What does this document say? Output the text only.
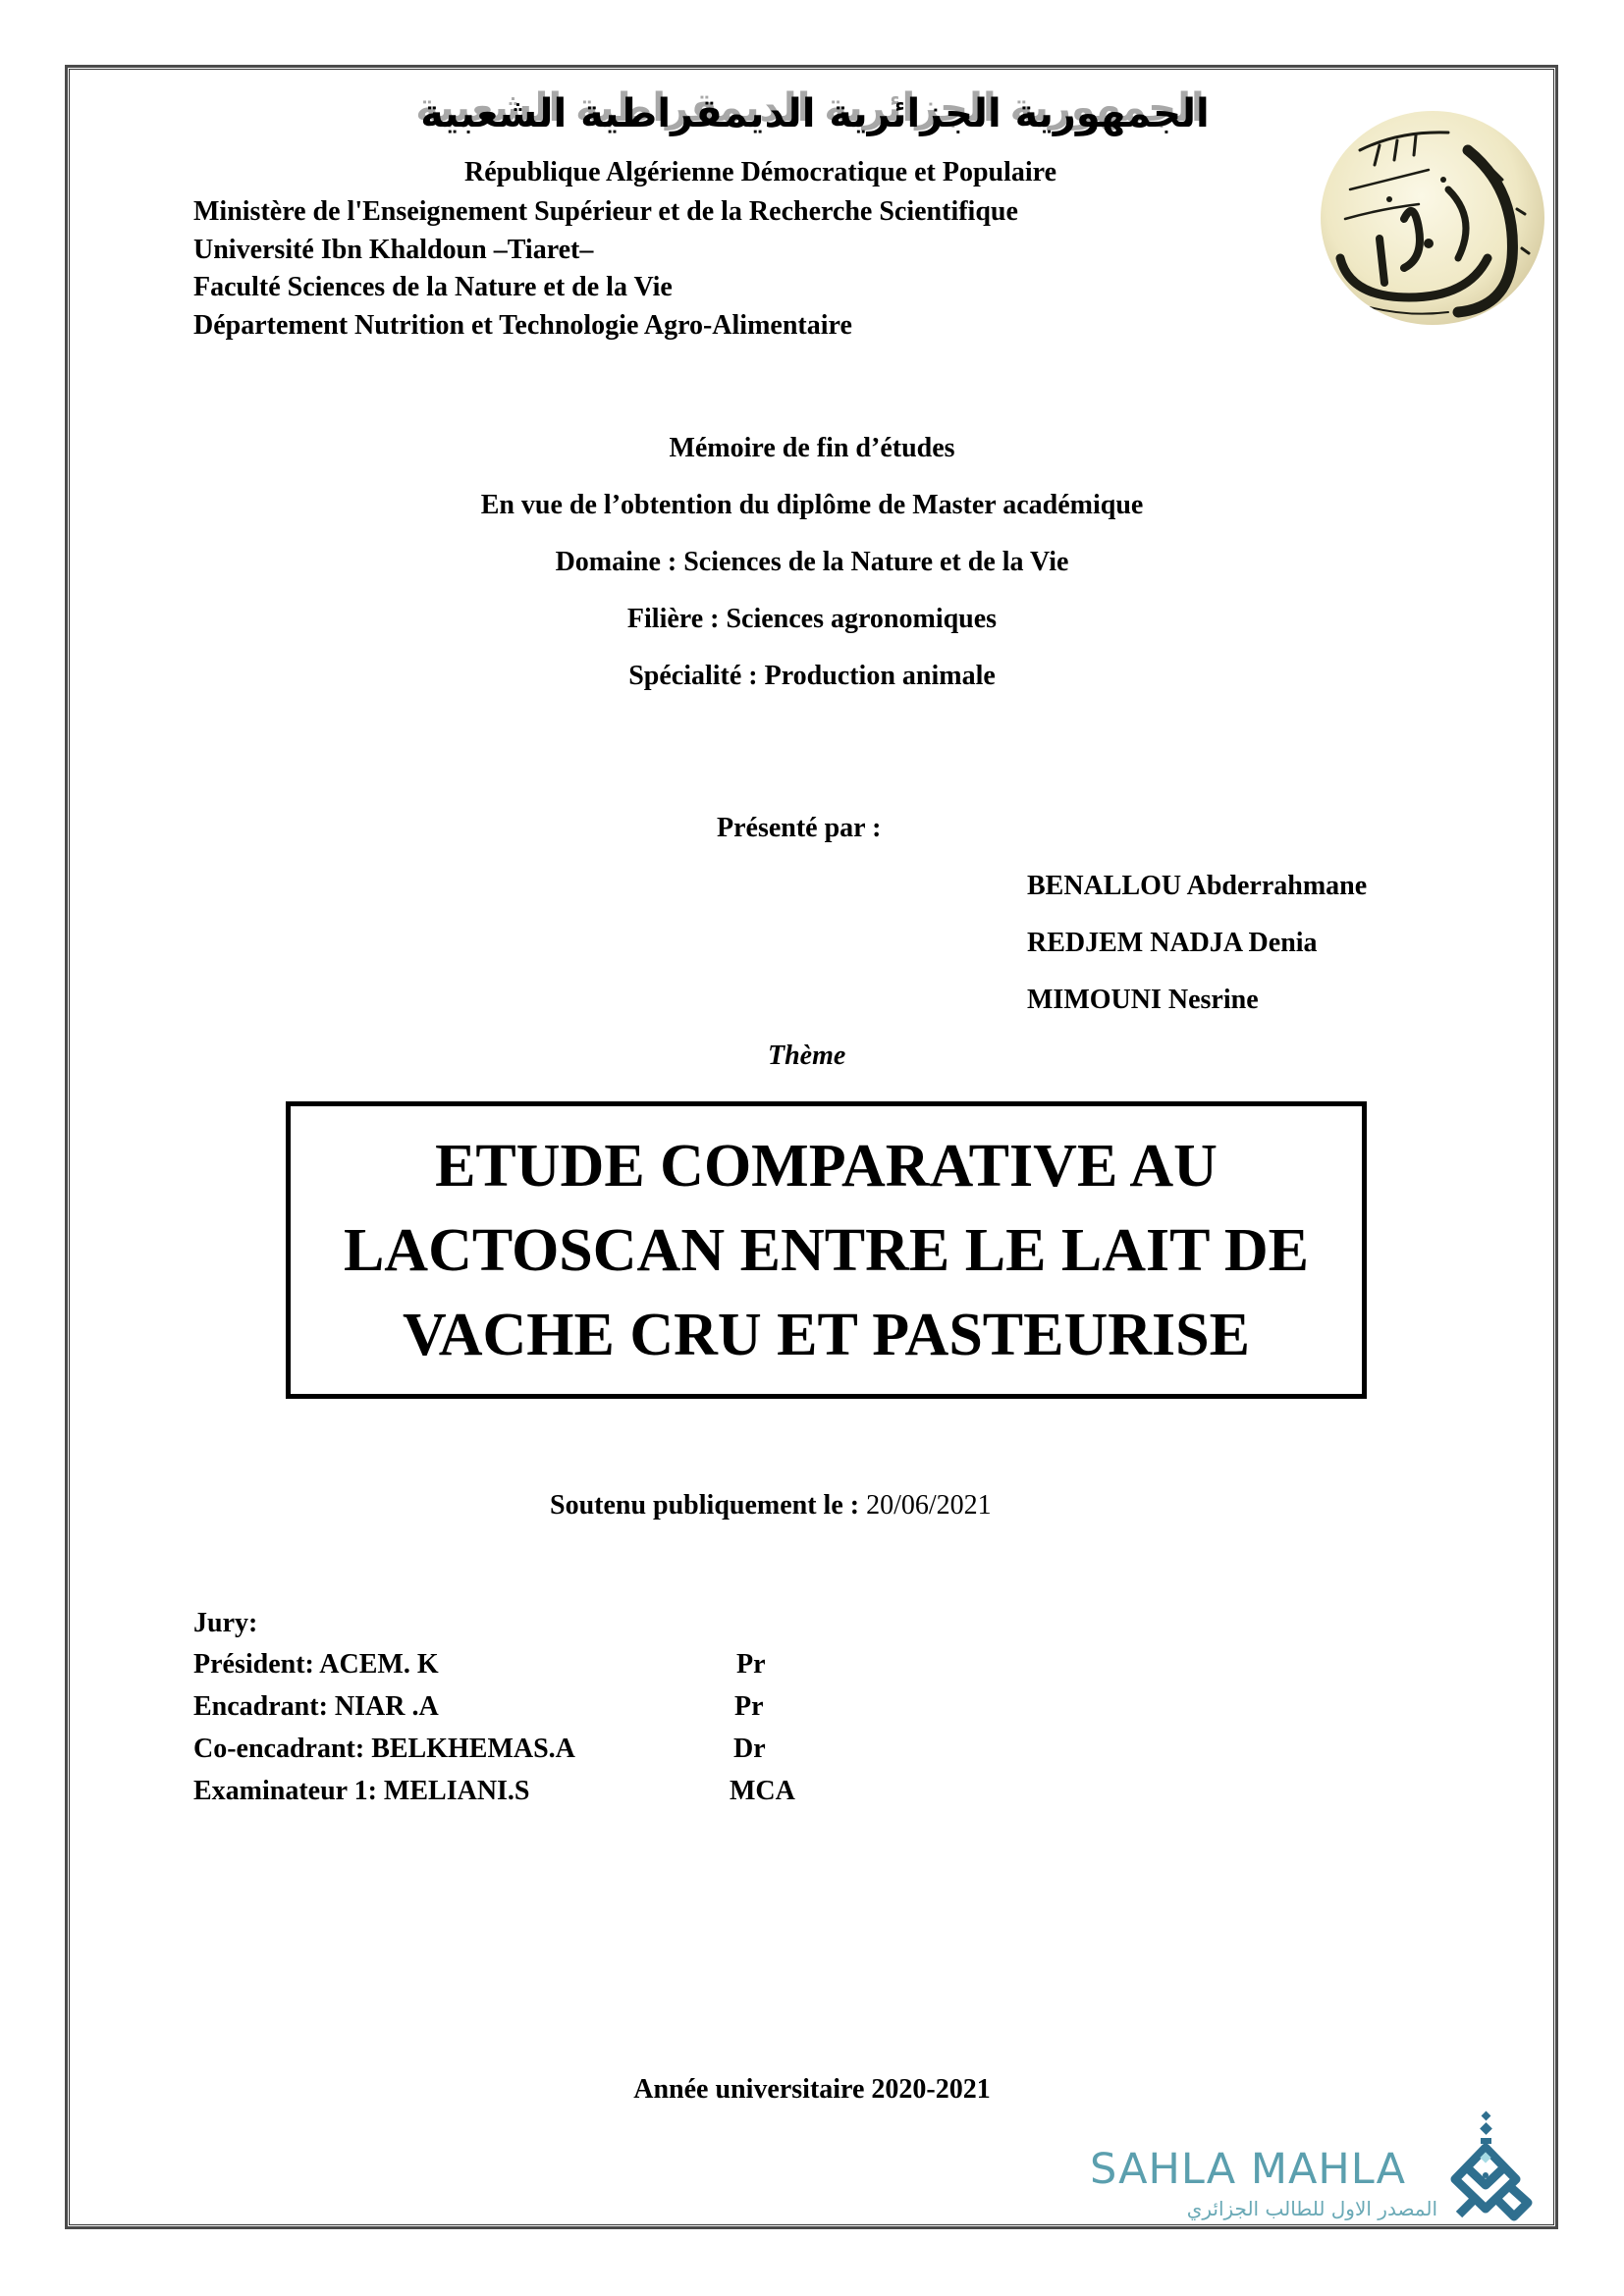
الجمهورية الجزائرية الديمقراطية الشعبية
République Algérienne Démocratique et Populaire
Ministère de l'Enseignement Supérieur et de la Recherche Scientifique
Université Ibn Khaldoun –Tiaret–
Faculté Sciences de la Nature et de la Vie
Département Nutrition et Technologie Agro-Alimentaire
Mémoire de fin d’études
En vue de l’obtention du diplôme de Master académique
Domaine : Sciences de la Nature et de la Vie
Filière : Sciences agronomiques
Spécialité : Production animale
Présenté par :
BENALLOU Abderrahmane
REDJEM NADJA Denia
MIMOUNI Nesrine
Thème
ETUDE COMPARATIVE AU
LACTOSCAN ENTRE LE LAIT DE
VACHE CRU ET PASTEURISE
Soutenu publiquement le : 20/06/2021
Jury:
Président: ACEM. K	Pr
Encadrant: NIAR .A	Pr
Co-encadrant: BELKHEMAS.A	Dr
Examinateur 1: MELIANI.S	MCA
Année universitaire 2020-2021
SAHLA MAHLA
المصدر الاول للطالب الجزائري
